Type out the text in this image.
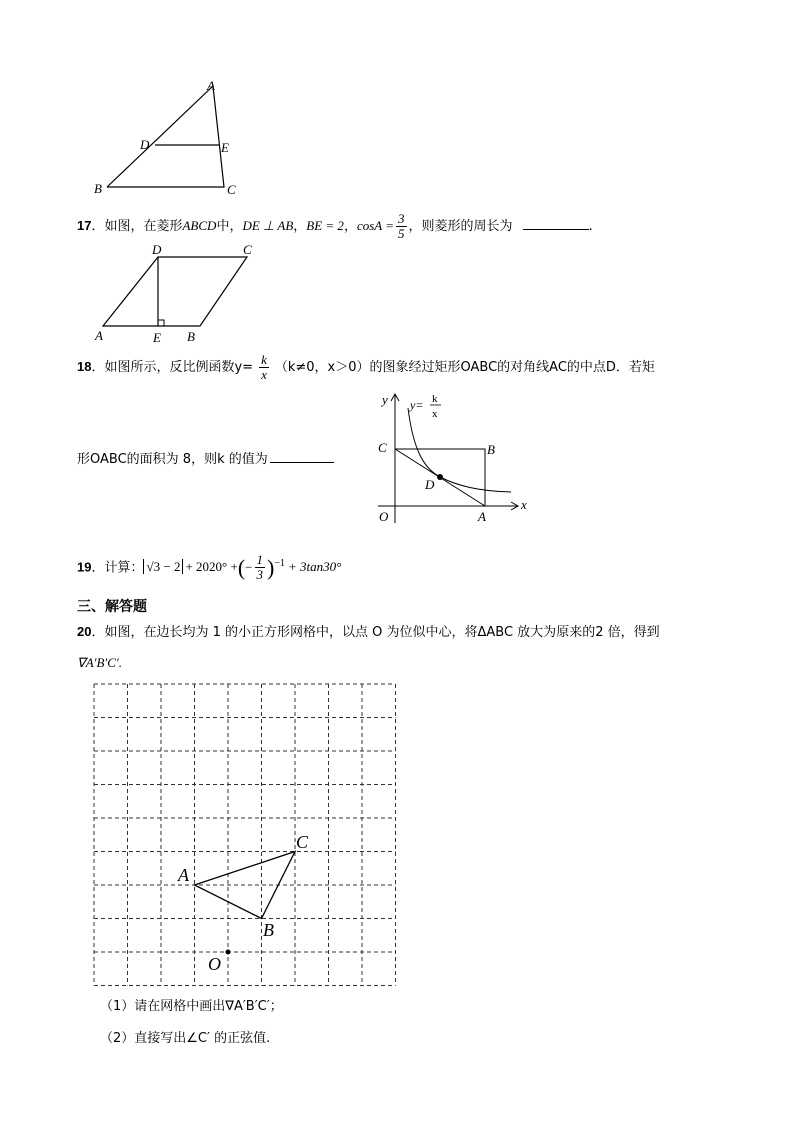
A
D	E
B	C
17．如图，在菱形ABCD中，DE ⊥ AB，BE = 2，$\cos A = \frac{3}{5}$ ，则菱形的周长为	.
D	C
A	E B
18．如图所示，反比例函数$y= \frac{k}{x} (k\ne 0$，x＞0）的图象经过矩形OABC的对角线AC的中点D．若矩
形OABC的面积为 8，则k 的值为
y
x
y= k
x
C	B
D
O	A
19．计算： √3 − 2 + 2020° +(− $\frac{1}{3} )^{-1} + 3\tan 30^\circ$
三、解答题
20．如图，在边长均为 1 的小正方形网格中，以点 O 为位似中心，将ΔABC 放大为原来的2 倍，得到
∇A′B′C′.
A
B
C
O
（1）请在网格中画出∇A′B′C′；
（2）直接写出∠C′ 的正弦值.
